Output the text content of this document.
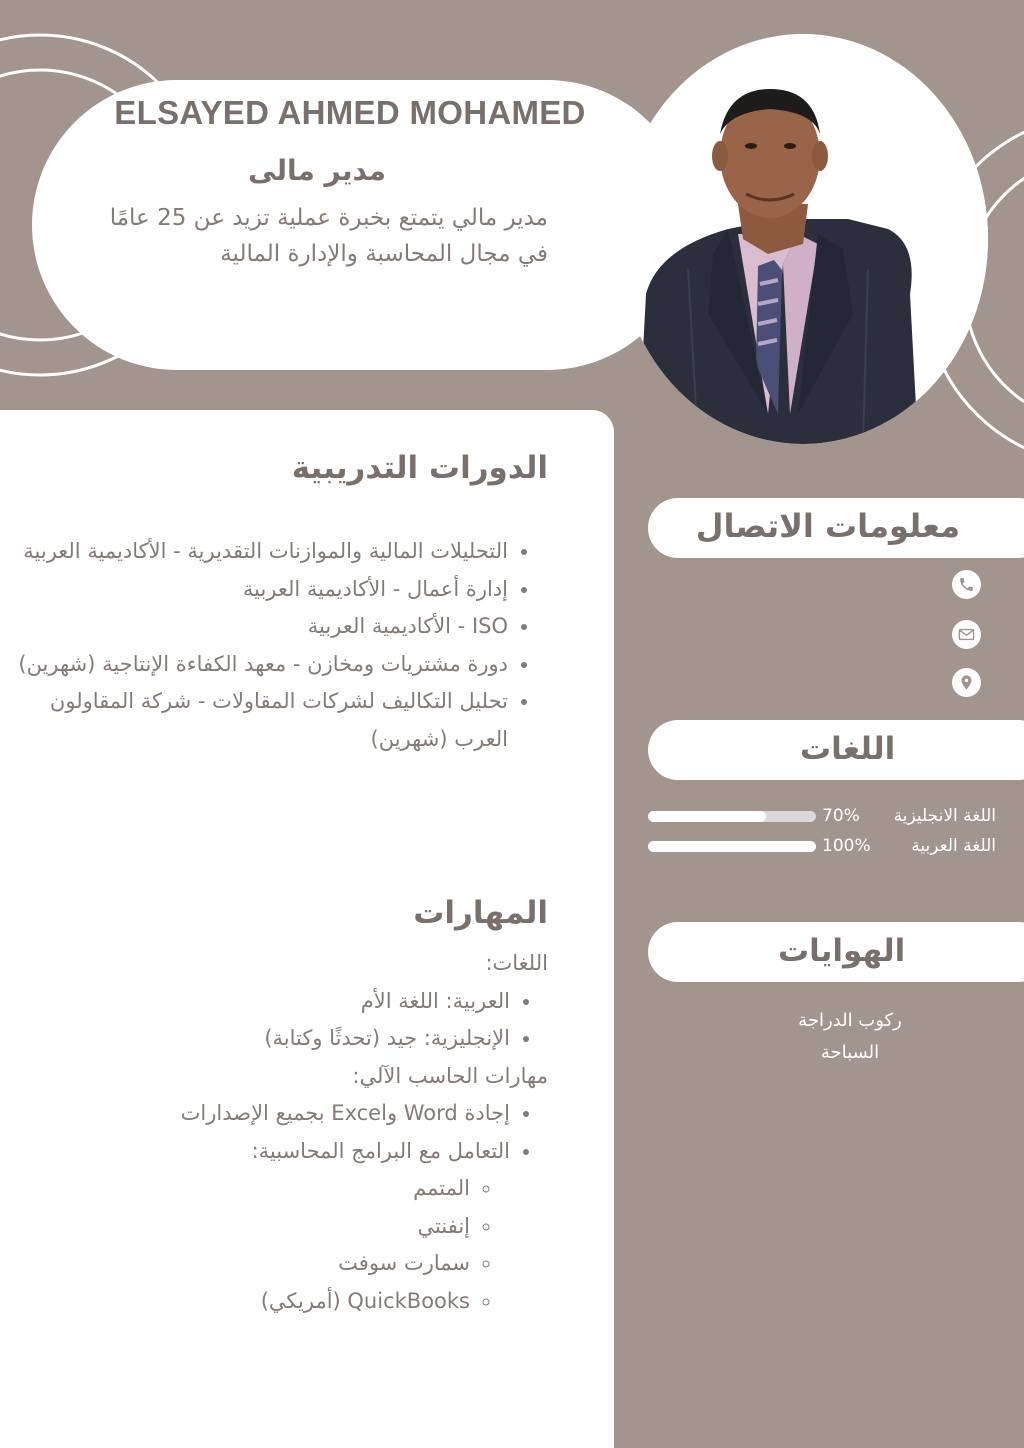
ELSAYED AHMED MOHAMED
مدير مالى
مدير مالي يتمتع بخبرة عملية تزيد عن 25 عامًا في مجال المحاسبة والإدارة المالية
الدورات التدريبية
• التحليلات المالية والموازنات التقديرية - الأكاديمية العربية
• إدارة أعمال - الأكاديمية العربية
• ISO - الأكاديمية العربية
• دورة مشتريات ومخازن - معهد الكفاءة الإنتاجية (شهرين)
• تحليل التكاليف لشركات المقاولات - شركة المقاولون العرب (شهرين)
المهارات

اللغات:

• العربية: اللغة الأم
• الإنجليزية: جيد (تحدثًا وكتابة)

مهارات الحاسب الآلي:

• إجادة Word وExcel بجميع الإصدارات
• التعامل مع البرامج المحاسبية:
◦ المتمم
◦ إنفنتي
◦ سمارت سوفت
◦ QuickBooks (أمريكي)
معلومات الاتصال
اللغات
70% اللغة الانجليزية
100% اللغة العربية
الهوايات
ركوب الدراجة
السباحة
